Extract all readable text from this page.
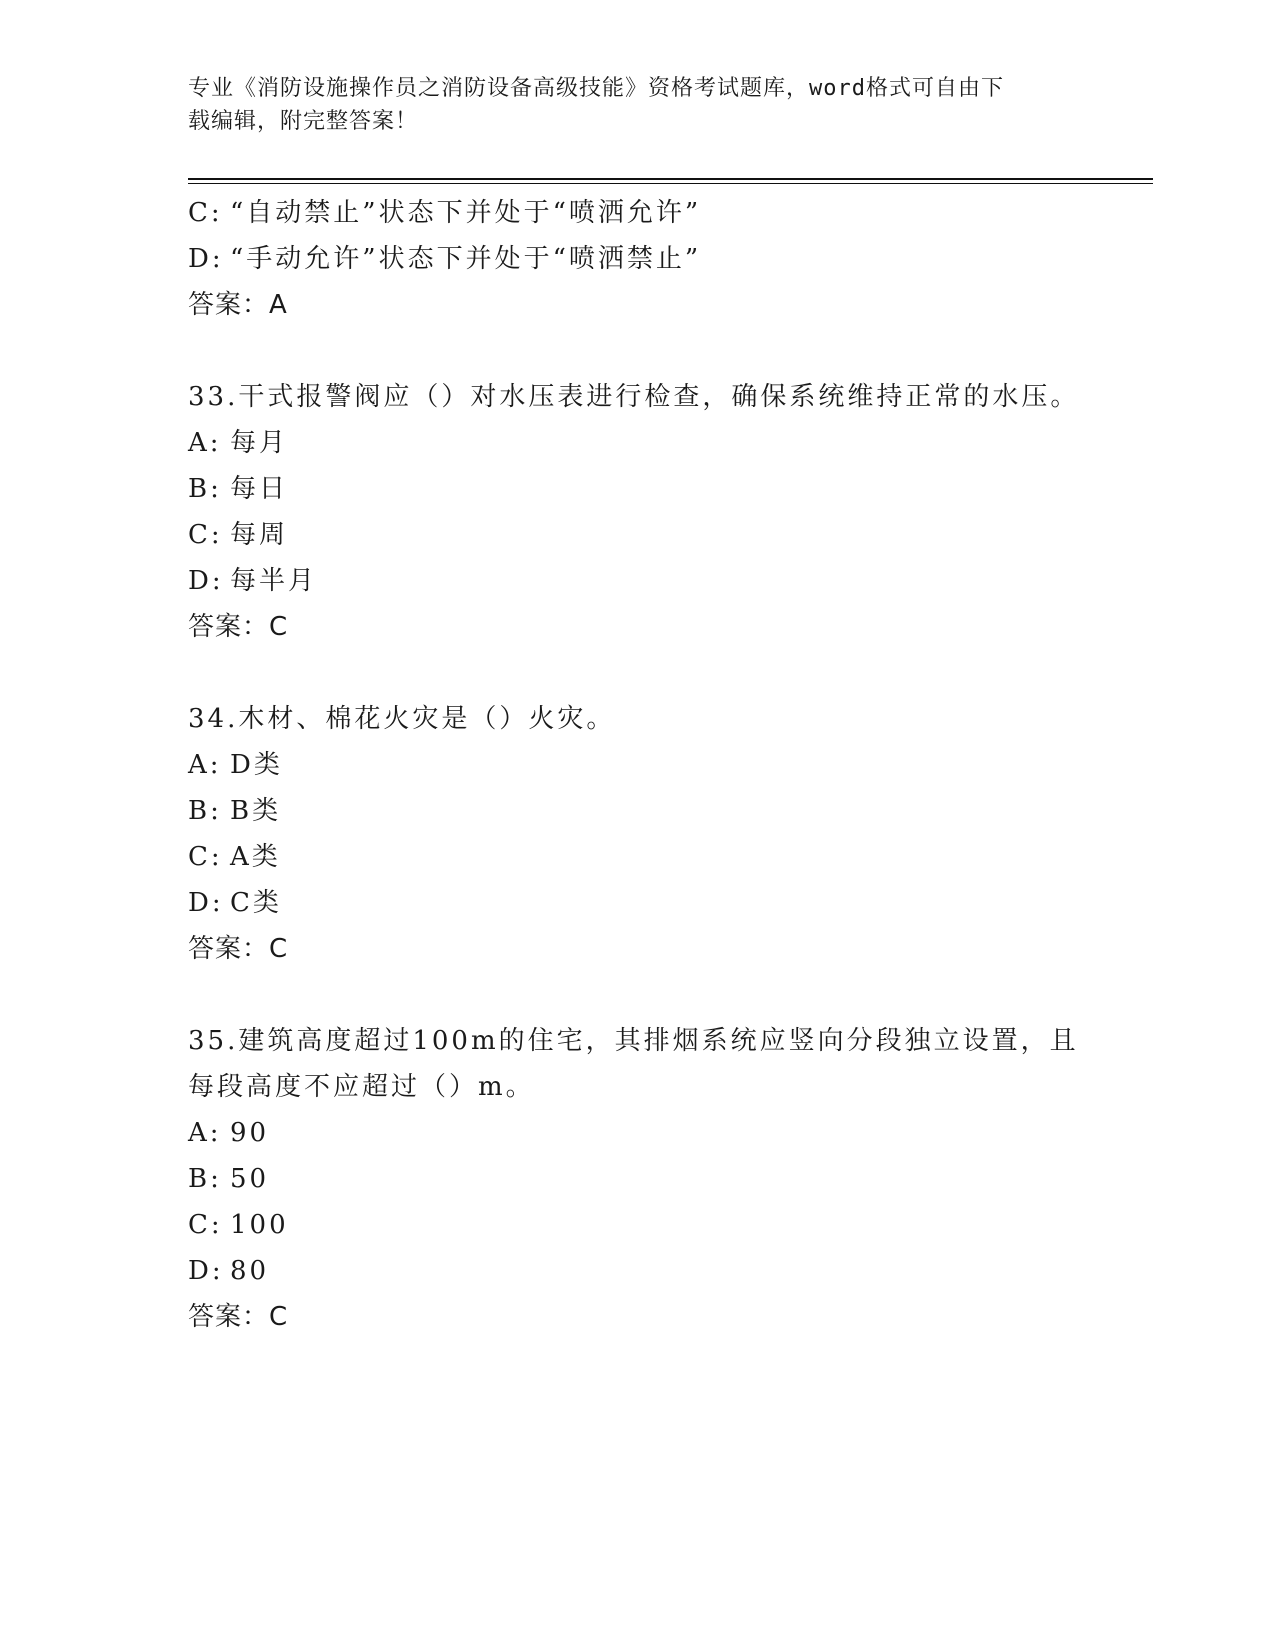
专业《消防设施操作员之消防设备高级技能》资格考试题库，word格式可自由下
载编辑，附完整答案！
C: “自动禁止”状态下并处于“喷洒允许”
D: “手动允许”状态下并处于“喷洒禁止”
答案：A
33.干式报警阀应（）对水压表进行检查，确保系统维持正常的水压。
A: 每月
B: 每日
C: 每周
D: 每半月
答案：C
34.木材、棉花火灾是（）火灾。
A: D类
B: B类
C: A类
D: C类
答案：C
35.建筑高度超过100m的住宅，其排烟系统应竖向分段独立设置，且
每段高度不应超过（）m。
A: 90
B: 50
C: 100
D: 80
答案：C
